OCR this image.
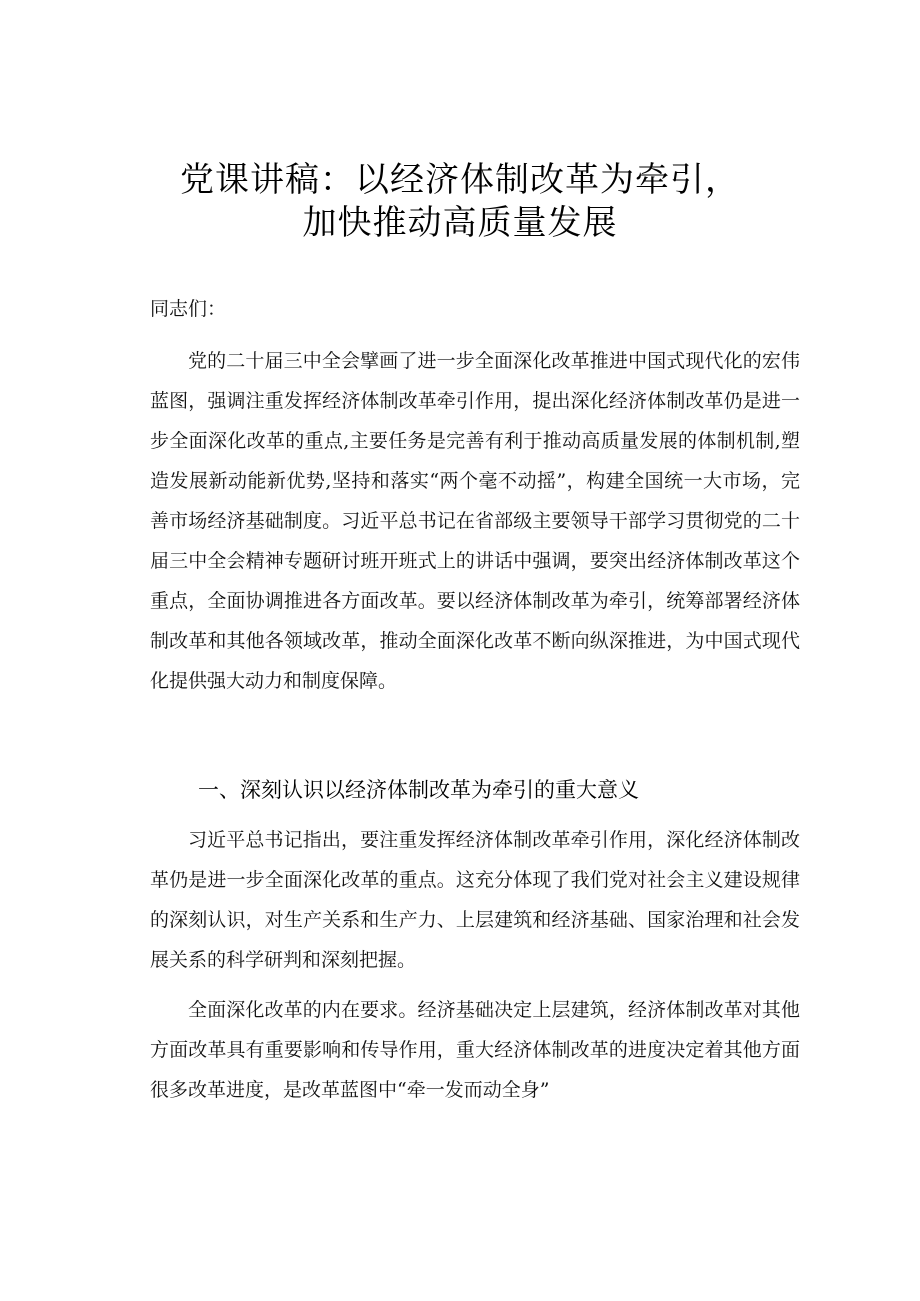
党课讲稿：以经济体制改革为牵引，
加快推动高质量发展
同志们：
党的二十届三中全会擘画了进一步全面深化改革推进中国式现代化的宏伟蓝图，强调注重发挥经济体制改革牵引作用，提出深化经济体制改革仍是进一步全面深化改革的重点,主要任务是完善有利于推动高质量发展的体制机制,塑造发展新动能新优势,坚持和落实“两个毫不动摇”，构建全国统一大市场，完善市场经济基础制度。习近平总书记在省部级主要领导干部学习贯彻党的二十届三中全会精神专题研讨班开班式上的讲话中强调，要突出经济体制改革这个重点，全面协调推进各方面改革。要以经济体制改革为牵引，统筹部署经济体制改革和其他各领域改革，推动全面深化改革不断向纵深推进，为中国式现代化提供强大动力和制度保障。
一、深刻认识以经济体制改革为牵引的重大意义
习近平总书记指出，要注重发挥经济体制改革牵引作用，深化经济体制改革仍是进一步全面深化改革的重点。这充分体现了我们党对社会主义建设规律的深刻认识，对生产关系和生产力、上层建筑和经济基础、国家治理和社会发展关系的科学研判和深刻把握。
全面深化改革的内在要求。经济基础决定上层建筑，经济体制改革对其他方面改革具有重要影响和传导作用，重大经济体制改革的进度决定着其他方面很多改革进度，是改革蓝图中“牵一发而动全身”
